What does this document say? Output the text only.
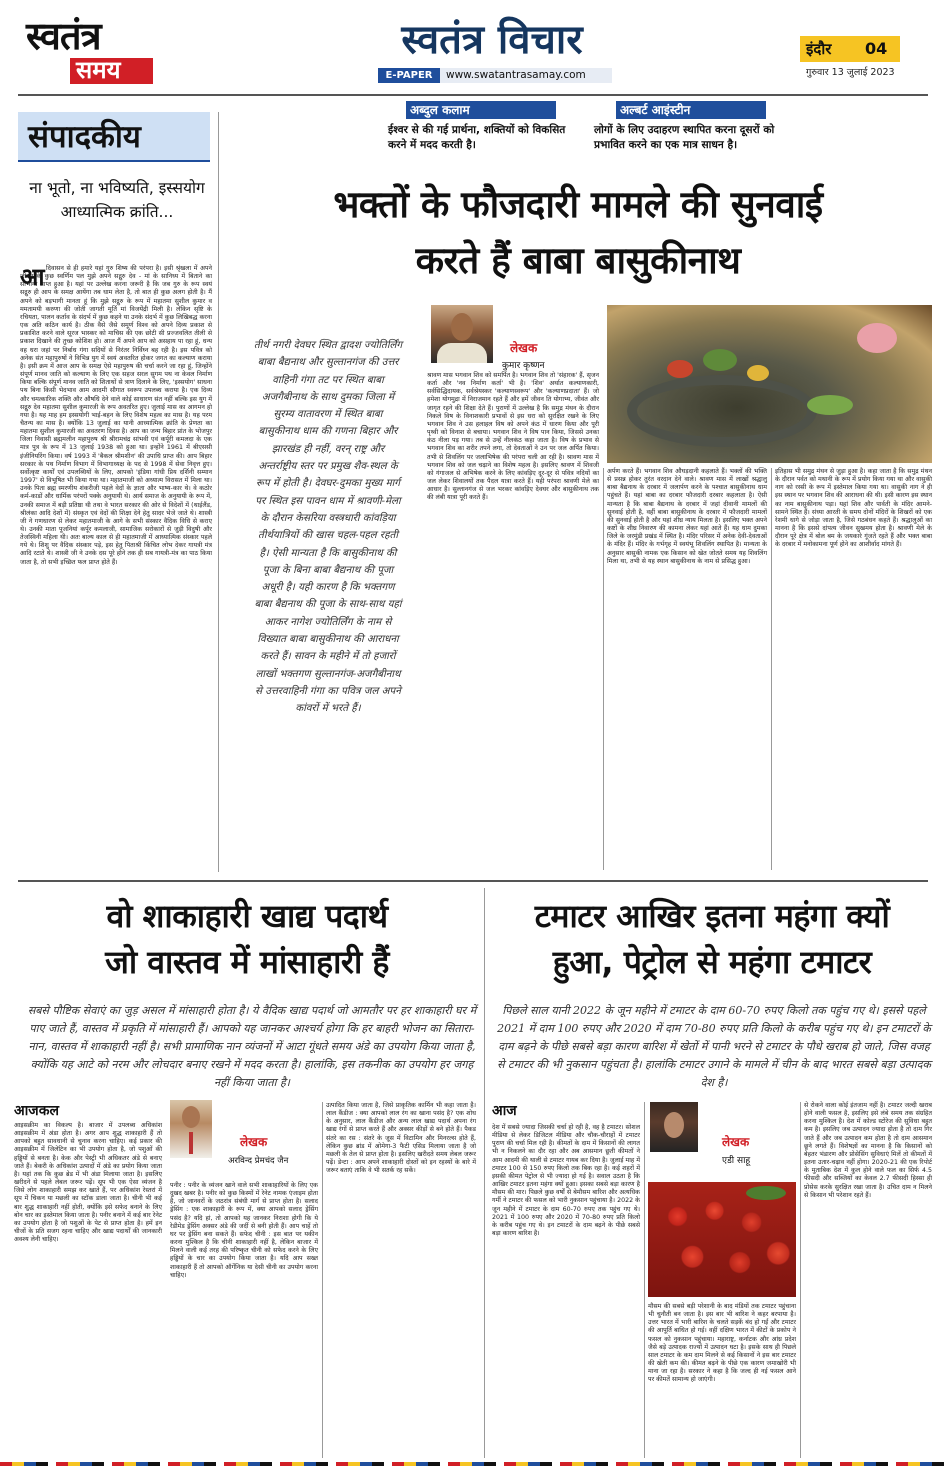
स्वतंत्र
समय
स्वतंत्र विचार
E-PAPER	www.swatantrasamay.com
इंदौर 04
गुरुवार 13 जुलाई 2023
अब्दुल कलाम
ईश्वर से की गई प्रार्थना, शक्तियों को विकसित करने में मदद करती है।
अल्बर्ट आइंस्टीन
लोगों के लिए उदाहरण स्थापित करना दूसरों को प्रभावित करने का एक मात्र साधन है।
संपादकीय
ना भूतो, ना भविष्यति, इस्सयोग आध्यात्मिक क्रांति...
आ दिवासन से ही हमारे यहां गुरु शिष्य की परंपरा है। इसी श्रृंखला में अपने जीवन के कुछ स्वर्णिम पल मुझे अपने सद्गुरु देव - मां के सानिध्य में बिताने का सौभाग्य प्राप्त हुआ है। यहां पर उल्लेख करना जरूरी है कि जब गुरु के रूप स्वयं सद्गुरु ही आप के समक्ष आयेंगा तब धाम लेता है, तो बात ही कुछ अलग होती है। मैं अपने को बड़भागी मानता हूं कि मुझे सद्गुरु के रूप में महातमा सुशील कुमार व ममतामयी करुणा की जोती जागती मूर्ति मां विजयेंद्री मिली है। लेकिन सृष्टि के रचियता, पालन कर्ताव के संदर्भ में कुछ कहने या उनके संदर्भ में कुछ लिखिबद्ध करना एक अति कठिन कार्य है। ठीक वैसे जैसे समूर्ण विश्व को अपने दिव्य प्रकाश से प्रकाशित करने वाले सूरज भास्कर को माचिस की एक छोटी सी प्रज्जवलित तीली से प्रकाश दिखाने की तुच्छ कोशिश हो। आज मैं अपने आप को असहाय पा रहा हूं, धन्य वह धरा जहां पर निर्बाध गंगा सदियों से निरंतर निर्विघ्न बह रही है। इस पवित्र को अनेक संत महापुरुषों ने विभिन्न युग में स्वयं अवतरित होकर जगत का कल्याण कराया है। इसी क्रम में आज आप के समक्ष ऐसे महापुरुष की चर्चा करने जा रहा हूं, जिन्होंने संपूर्ण मानव जाति को कल्याण के लिए एक सहज सरल सुगम पथ ना केवल निर्माण किया बल्कि संपूर्ण मानव जाति को शिताथों से त्राण दिलाने के लिए, 'इस्सयोग' साधना पथ बिना किसी भेदभाव आम आदमी सौगात स्वरूप उपलब्ध कराया है। एक दिव्य और चमत्कारिक शक्ति और औषधि देने वाले कोई साधारण संत नहीं बल्कि इस युग में सद्गुरु देव महातमा सुशील कुमारजी के रूप अवतरित हुए। जुलाई मास का आगमन हो गया है। यह माह हम इस्सयोगी भाई-बहन के लिए विशेष महत्व का मास है। यह परम चैतन्य का मास है। क्योंकि 13 जुलाई का यानी आध्यात्मिक क्रांति के प्रेणता का महातमा सुशील कुमारजी का अवतरण दिवस है। आप का जन्म बिहार प्रांत के भोजपुर जिला निवासी ब्रह्ममलीन महापुरुष श्री श्रीरामचंद्र सांभवी एवं कर्पूरी कमलदा के एक मात्र पुत्र के रूप में 13 जुलाई 1938 को हुआ था। इन्होंने 1961 में बीएससी इंजीनियरिंग किया। वर्ष 1993 में 'बैकल श्रीमशीन' की उपाधि प्राप्त की। आप बिहार सरकार के पथ निर्माण विभाग में विभागाध्यक्ष के पद से 1998 में सेवा निवृत्त हुए। सर्वोत्कृष्ट कार्यों एवं उपलब्धियों के लिए, आपको 'इंडिया गांधी प्रिय दर्शिनी सम्मान 1997' से विभूषित भी किया गया था। महातमाजी को अध्यात्म विरासत में मिला था। उनके पिता ब्रह्म स्मरणीय शंकरीजी पहले वेदों के ज्ञाता और भाष्य-कार थे। वे कठोर कर्म-काडों और धार्मिक परंपरों पक्के अनुयायी थे। आर्य समाज के अनुयायी के रूप में, उनकी समाज में बड़ी प्रतिष्ठा थी तथा वे भारत सरकार की ओर से विदेशों में (थाईलैंड, श्रीलंका आदि देशों में) संस्कृत एवं वेदों की शिक्षा देने हेतु सादर भेजे जाते थे। शास्त्री जी ने गणधारण से लेकर महातमाजी के आगे के सभी संस्कार वैदिक विधि से कराए थे। उनकी माता पूजनियां कर्पूर कमलाजी, सामाजिक सरोकारों से जुड़ी विदुषी और तेजस्विनी महिला थी। अतः बाल्य काल से ही महातमाजी में आध्यात्मिक संस्कार पहले गये थे। शिशु पर वैदिक संस्कार पड़े, इस हेतु पिताश्री किंचित लोभ देकर गायत्री मंत्र आदि रटाते थे। शास्त्री जी ने उनके दस पूरे होने तक ही सब गायत्री-मंत्र का पाठ किया जाता है, तो सभी इच्छित फल प्राप्त होते हैं।
भक्तों के फौजदारी मामले की सुनवाई
करते हैं बाबा बासुकीनाथ
तीर्थ नगरी देवघर स्थित द्वादश ज्योतिर्लिंग बाबा बैद्यनाथ और सुल्तानगंज की उत्तर वाहिनी गंगा तट पर स्थित बाबा अजगैबीनाथ के साथ दुमका जिला में सुरम्य वातावरण में स्थित बाबा बासुकीनाथ धाम की गणना बिहार और झारखंड ही नहीं, वरन् राष्ट्र और अन्तर्राष्ट्रीय स्तर पर प्रमुख शैव-स्थल के रूप में होती है। देवघर-दुमका मुख्य मार्ग पर स्थित इस पावन धाम में श्रावणी-मेला के दौरान केसरिया वस्त्रधारी कांवड़िया तीर्थयात्रियों की खास चहल-पहल रहती है। ऐसी मान्यता है कि बासुकीनाथ की पूजा के बिना बाबा बैद्यनाथ की पूजा अधूरी है। यही कारण है कि भक्तगण बाबा बैद्यनाथ की पूजा के साथ-साथ यहां आकर नागेश ज्योतिर्लिंग के नाम से विख्यात बाबा बासुकीनाथ की आराधना करते हैं। सावन के महीने में तो हजारों लाखों भक्तगण सुल्तानगंज-अजगैबीनाथ से उत्तरवाहिनी गंगा का पवित्र जल अपने कांवरों में भरते हैं।
लेखक
कुमार कृष्णन
श्रावण मास भगवान शिव को समर्पित है। भगवान शिव तो 'संहारक' हैं, सृजन कर्ता और 'नव निर्माण कर्ता' भी है। 'शिव' अर्थात कल्याणकारी, सर्वसिद्धिदायक, सर्वश्रेयस्कर 'कल्याणस्वरूप' और 'कल्याणप्रदाता' हैं। जो हमेशा योगमुद्रा में निराजमान रहते हैं और हमें जीवन ति योगाभ्य, जीवंत और जागृत रहने की शिक्षा देते हैं। पुराणों में उल्लेख है कि समुद्र मंथन के दौरान निकले विष के विनाशकारी प्रभावों से इस धरा को सुरक्षित रखने के लिए भगवान शिव ने उस हलाहल विष को अपने कंठ में धारण किया और पूरी पृथ्वी को विनाश से बचाया। भगवान शिव ने विष पान किया, जिससे उनका कंठ नीला पड़ गया। तब से उन्हें नीलकंठ कहा जाता है। विष के प्रभाव से भगवान शिव का शरीर तपने लगा, तो देवताओं ने उन पर जल अर्पित किया। तभी से शिवलिंग पर जलाभिषेक की परंपरा चली आ रही है। श्रावण मास में भगवान शिव को जल चढ़ाने का विशेष महत्व है। इसलिए श्रावण में शिवजी को गंगाजल से अभिषेक करने के लिए कांवड़िए दूर-दूर से पवित्र नदियों का जल लेकर शिवालयों तक पैदल यात्रा करते हैं। यही परंपरा श्रावणी मेले का आधार है। सुल्तानगंज से जल भरकर कांवड़िए देवघर और बासुकीनाथ तक की लंबी यात्रा पूरी करते हैं।
अर्पण करते हैं। भगवान शिव औघड़दानी कहलाते हैं। भक्तों की भक्ति से प्रसन्न होकर तुरंत वरदान देने वाले। श्रावण मास में लाखों श्रद्धालु बाबा बैद्यनाथ के दरबार में जलार्पण करने के पश्चात बासुकीनाथ धाम पहुंचते हैं। यहां बाबा का दरबार फौजदारी दरबार कहलाता है। ऐसी मान्यता है कि बाबा बैद्यनाथ के दरबार में जहां दीवानी मामलों की सुनवाई होती है, वहीं बाबा बासुकीनाथ के दरबार में फौजदारी मामलों की सुनवाई होती है और यहां शीघ्र न्याय मिलता है। इसलिए भक्त अपने कष्टों के शीघ्र निवारण की कामना लेकर यहां आते हैं। यह धाम दुमका जिले के जरमुंडी प्रखंड में स्थित है। मंदिर परिसर में अनेक देवी-देवताओं के मंदिर हैं। मंदिर के गर्भगृह में स्वयंभू शिवलिंग स्थापित है। मान्यता के अनुसार बासुकी नामक एक किसान को खेत जोतते समय यह शिवलिंग मिला था, तभी से यह स्थान बासुकीनाथ के नाम से प्रसिद्ध हुआ।
इतिहास भी समुद्र मंथन से जुड़ा हुआ है। कहा जाता है कि समुद्र मंथन के दौरान पर्वत को मथानी के रूप में प्रयोग किया गया था और वासुकी नाग को रस्सी के रूप में इस्तेमाल किया गया था। वासुकी नाग ने ही इस स्थान पर भगवान शिव की आराधना की थी। इसी कारण इस स्थान का नाम बासुकीनाथ पड़ा। यहां शिव और पार्वती के मंदिर आमने-सामने स्थित हैं। संध्या आरती के समय दोनों मंदिरों के शिखरों को एक रेशमी धागे से जोड़ा जाता है, जिसे गठबंधन कहते हैं। श्रद्धालुओं का मानना है कि इससे दांपत्य जीवन सुखमय होता है। श्रावणी मेले के दौरान पूरे क्षेत्र में बोल बम के जयकारे गूंजते रहते हैं और भक्त बाबा के दरबार में मनोकामना पूर्ण होने का आशीर्वाद मांगते हैं।
वो शाकाहारी खाद्य पदार्थ
जो वास्तव में मांसाहारी हैं
सबसे पौष्टिक सेवाएं का जुड़ असल में मांसाहारी होता है। ये वैदिक खाद्य पदार्थ जो आमतौर पर हर शाकाहारी घर में पाए जाते हैं, वास्तव में प्रकृति में मांसाहारी हैं। आपको यह जानकर आश्चर्य होगा कि हर बाहरी भोजन का सितारा-नान, वास्तव में शाकाहारी नहीं है। सभी प्रामाणिक नान व्यंजनों में आटा गूंधते समय अंडे का उपयोग किया जाता है, क्योंकि यह आटे को नरम और लोचदार बनाए रखने में मदद करता है। हालांकि, इस तकनीक का उपयोग हर जगह नहीं किया जाता है।
आजकल
आइसक्रीम का विकल्प है। बाजार में उपलब्ध अधिकांश आइसक्रीम में अंडा होता है। अगर आप शुद्ध शाकाहारी हैं तो आपको बहुत सावधानी से चुनाव करना चाहिए। कई प्रकार की आइसक्रीम में जिलेटिन का भी उपयोग होता है, जो पशुओं की हड्डियों से बनता है। केक और पेस्ट्री भी अधिकतर अंडे से बनाए जाते हैं। बेकरी के अधिकांश उत्पादों में अंडे का प्रयोग किया जाता है। यहां तक कि कुछ ब्रेड में भी अंडा मिलाया जाता है। इसलिए खरीदने से पहले लेबल जरूर पढ़ें। सूप भी एक ऐसा व्यंजन है जिसे लोग शाकाहारी समझ कर खाते हैं, पर अधिकांश रेस्तरां में सूप में चिकन या मछली का स्टॉक डाला जाता है। चीनी भी कई बार शुद्ध शाकाहारी नहीं होती, क्योंकि इसे सफेद बनाने के लिए बोन चार का इस्तेमाल किया जाता है। पनीर बनाने में कई बार रेनेट का उपयोग होता है जो पशुओं के पेट से प्राप्त होता है। हमें इन चीजों के प्रति सजग रहना चाहिए और खाद्य पदार्थों की जानकारी अवश्य लेनी चाहिए।
लेखक
अरविन्द प्रेमचंद जैन
पनीर : पनीर के व्यंजन खाने वाले सभी शाकाहारियों के लिए एक दुखद खबर है। पनीर को कुछ किस्मों में रेनेट नामक एंजाइम होता है, जो जानवरों के जठरांत्र संबंधी मार्ग से प्राप्त होता है। सलाद ड्रेसिंग : एक शाकाहारी के रूप में, क्या आपको सलाद ड्रेसिंग पसंद है? यदि हां, तो आपको यह जानकर निराशा होगी कि ये रेडीमेड ड्रेसिंग अक्सर अंडे की जर्दी से बनी होती हैं। आप चाहें तो घर पर ड्रेसिंग बना सकते हैं। सफेद चीनी : इस बात पर यकीन करना मुश्किल है कि चीनी शाकाहारी नहीं है, लेकिन बाजार में मिलने वाली कई तरह की परिष्कृत चीनी को सफेद करने के लिए हड्डियों के चार का उपयोग किया जाता है। यदि आप सख्त शाकाहारी हैं तो आपको ऑर्गेनिक या देसी चीनी का उपयोग करना चाहिए।
उत्पादित किया जाता है, जिसे प्राकृतिक कार्मिन भी कहा जाता है। लाल कैंडीज : क्या आपको लाल रंग का खाना पसंद है? एक शोध के अनुसार, लाल कैंडीज और अन्य लाल खाद्य पदार्थ अपना रंग खाद्य रंगों से प्राप्त करते हैं और अक्सर कीड़ों से बने होते हैं। पैकड संतरे का रस : संतरे के जूस में विटामिन और मिनरल्स होते हैं, लेकिन कुछ ब्रांड में ओमेगा-3 फैटी एसिड मिलाया जाता है जो मछली के तेल से प्राप्त होता है। इसलिए खरीदते समय लेबल जरूर पढ़ें। डेन्टा : आप अपने शाकाहारी दोस्तों को इन रहस्यों के बारे में जरूर बताएं ताकि वे भी सतर्क रह सकें।
टमाटर आखिर इतना महंगा क्यों
हुआ, पेट्रोल से महंगा टमाटर
पिछले साल यानी 2022 के जून महीने में टमाटर के दाम 60-70 रुपए किलो तक पहुंच गए थे। इससे पहले 2021 में दाम 100 रुपए और 2020 में दाम 70-80 रुपए प्रति किलो के करीब पहुंच गए थे। इन टमाटरों के दाम बढ़ने के पीछे सबसे बड़ा कारण बारिश में खेतों में पानी भरने से टमाटर के पौधे खराब हो जाते, जिस वजह से टमाटर की भी नुकसान पहुंचता है। हालांकि टमाटर उगाने के मामले में चीन के बाद भारत सबसे बड़ा उत्पादक देश है।
आज
देश में सबसे ज्यादा जिसकी चर्चा हो रही है, वह है टमाटर। सोशल मीडिया से लेकर डिजिटल मीडिया और चौक-चौराहों में टमाटर पुराण की चर्चा मिल रही है। कीमतों के दाम में किसानों की लागत भी न निकलने का दौर रहा और अब आसमान छूती कीमतों ने आम आदमी की थाली से टमाटर गायब कर दिया है। जुलाई माह में टमाटर 100 से 150 रुपए किलो तक बिक रहा है। कई शहरों में इसकी कीमत पेट्रोल से भी ज्यादा हो गई है। सवाल उठता है कि आखिर टमाटर इतना महंगा क्यों हुआ। इसका सबसे बड़ा कारण है मौसम की मार। पिछले कुछ वर्षों से बेमौसम बारिश और अत्यधिक गर्मी ने टमाटर की फसल को भारी नुकसान पहुंचाया है। 2022 के जून महीने में टमाटर के दाम 60-70 रुपए तक पहुंच गए थे। 2021 में 100 रुपए और 2020 में 70-80 रुपए प्रति किलो के करीब पहुंच गए थे। इन टमाटरों के दाम बढ़ने के पीछे सबसे बड़ा कारण बारिश है।
लेखक
एडी साहू
मौसम की सबसे बड़ी परेशानी के बाद मंडियों तक टमाटर पहुंचाना भी चुनौती बन जाता है। इस बार भी बारिश ने कहर बरपाया है। उत्तर भारत में भारी बारिश के चलते सड़कें बंद हो गईं और टमाटर की आपूर्ति बाधित हो गई। वहीं दक्षिण भारत में कीटों के प्रकोप ने फसल को नुकसान पहुंचाया। महाराष्ट्र, कर्नाटक और आंध्र प्रदेश जैसे बड़े उत्पादक राज्यों में उत्पादन घटा है। इसके साथ ही पिछले साल टमाटर के कम दाम मिलने से कई किसानों ने इस बार टमाटर की खेती कम की। कीमत बढ़ने के पीछे एक कारण जमाखोरी भी माना जा रहा है। सरकार ने कहा है कि जल्द ही नई फसल आने पर कीमतें सामान्य हो जाएंगी।
से रोकने वाला कोई इंतजाम नहीं है। टमाटर जल्दी खराब होने वाली फसल है, इसलिए इसे लंबे समय तक संग्रहित करना मुश्किल है। देश में कोल्ड स्टोरेज की सुविधा बहुत कम है। इसलिए जब उत्पादन ज्यादा होता है तो दाम गिर जाते हैं और जब उत्पादन कम होता है तो दाम आसमान छूने लगते हैं। विशेषज्ञों का मानना है कि किसानों को बेहतर भंडारण और प्रोसेसिंग सुविधाएं मिलें तो कीमतों में इतना उतार-चढ़ाव नहीं होगा। 2020-21 की एक रिपोर्ट के मुताबिक देश में कुल होने वाले फल का सिर्फ 4.5 फीसदी और सब्जियों का केवल 2.7 फीसदी हिस्सा ही प्रोसेस करके सुरक्षित रखा जाता है। उचित दाम न मिलने से किसान भी परेशान रहते हैं।
